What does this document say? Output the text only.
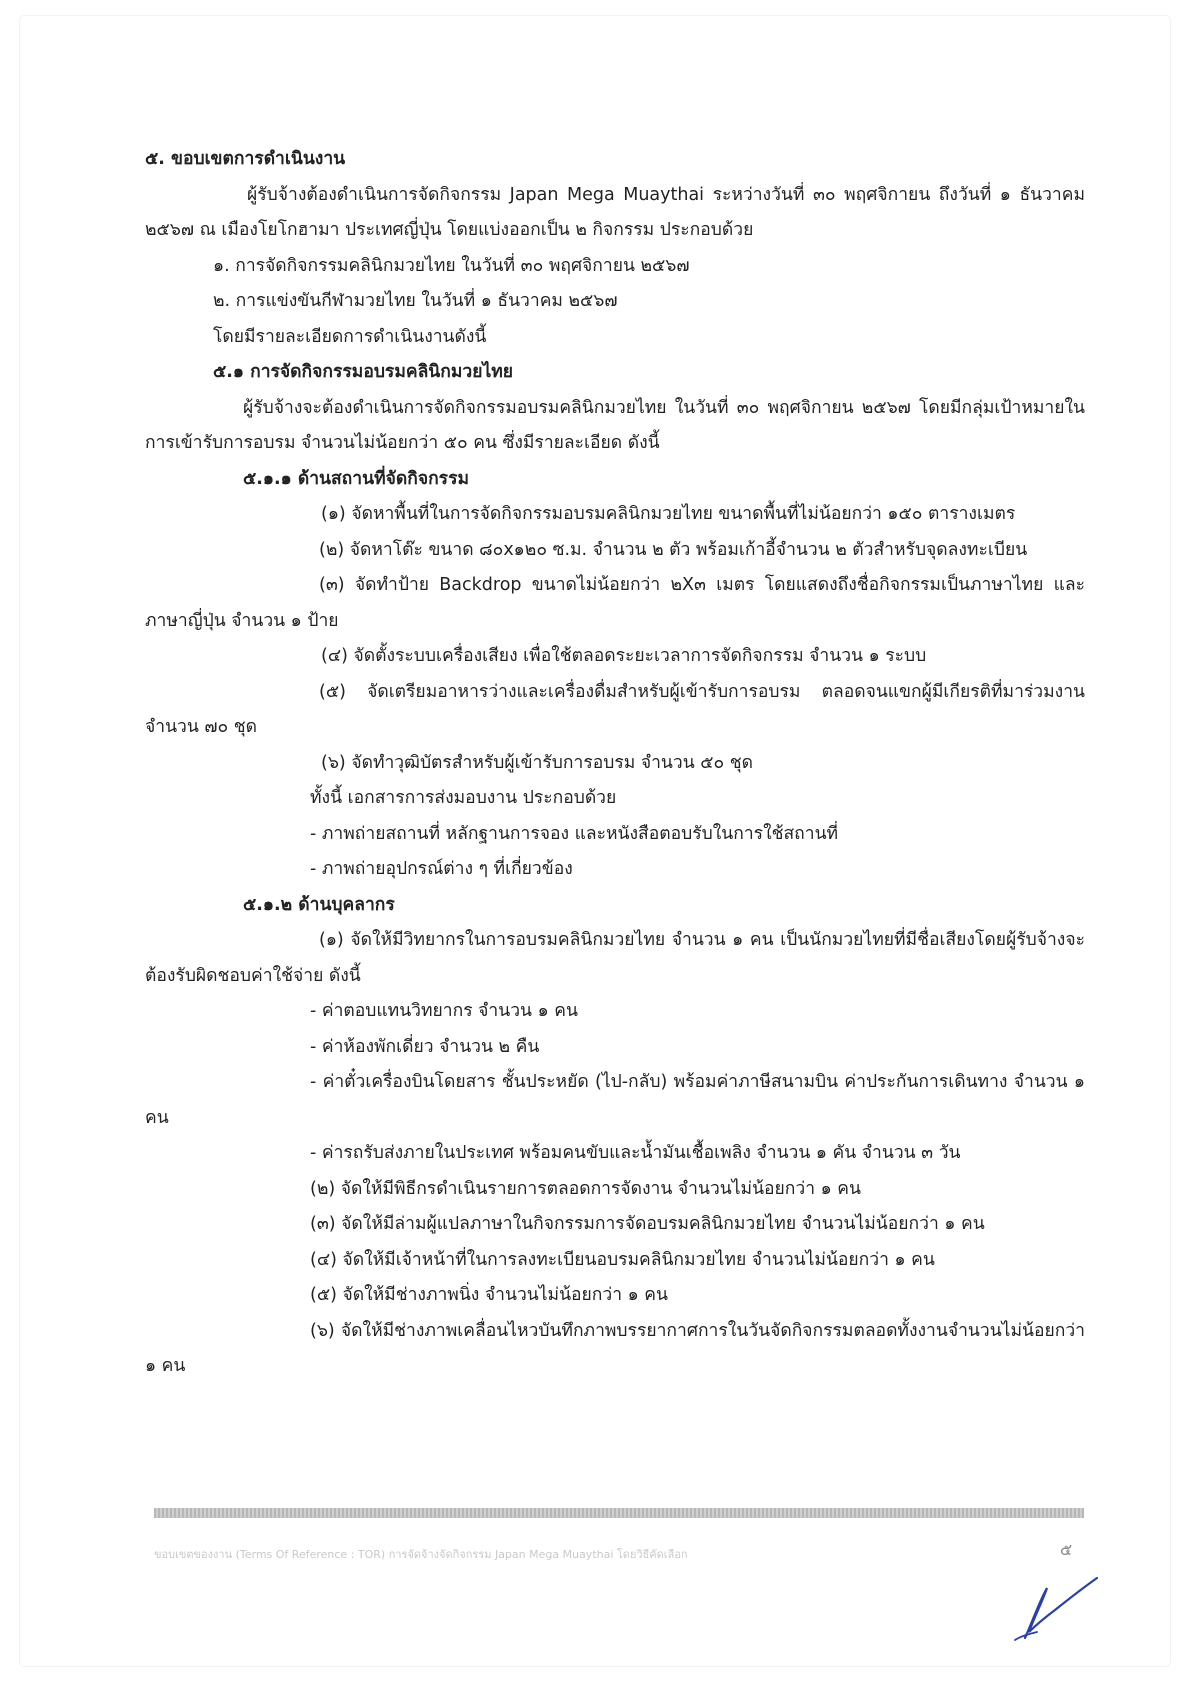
๕. ขอบเขตการดำเนินงาน
ผู้รับจ้างต้องดำเนินการจัดกิจกรรม Japan Mega Muaythai ระหว่างวันที่ ๓๐ พฤศจิกายน ถึงวันที่ ๑ ธันวาคม ๒๕๖๗ ณ เมืองโยโกฮามา ประเทศญี่ปุ่น โดยแบ่งออกเป็น ๒ กิจกรรม ประกอบด้วย
๑. การจัดกิจกรรมคลินิกมวยไทย ในวันที่ ๓๐ พฤศจิกายน ๒๕๖๗
๒. การแข่งขันกีฬามวยไทย ในวันที่ ๑ ธันวาคม ๒๕๖๗
โดยมีรายละเอียดการดำเนินงานดังนี้
๕.๑ การจัดกิจกรรมอบรมคลินิกมวยไทย
ผู้รับจ้างจะต้องดำเนินการจัดกิจกรรมอบรมคลินิกมวยไทย ในวันที่ ๓๐ พฤศจิกายน ๒๕๖๗ โดยมีกลุ่มเป้าหมายในการเข้ารับการอบรม จำนวนไม่น้อยกว่า ๕๐ คน ซึ่งมีรายละเอียด ดังนี้
๕.๑.๑ ด้านสถานที่จัดกิจกรรม
(๑) จัดหาพื้นที่ในการจัดกิจกรรมอบรมคลินิกมวยไทย ขนาดพื้นที่ไม่น้อยกว่า ๑๕๐ ตารางเมตร
(๒) จัดหาโต๊ะ ขนาด ๘๐x๑๒๐ ซ.ม. จำนวน ๒ ตัว พร้อมเก้าอี้จำนวน ๒ ตัวสำหรับจุดลงทะเบียน
(๓) จัดทำป้าย Backdrop ขนาดไม่น้อยกว่า ๒X๓ เมตร โดยแสดงถึงชื่อกิจกรรมเป็นภาษาไทย และภาษาญี่ปุ่น จำนวน ๑ ป้าย
(๔) จัดตั้งระบบเครื่องเสียง เพื่อใช้ตลอดระยะเวลาการจัดกิจกรรม จำนวน ๑ ระบบ
(๕) จัดเตรียมอาหารว่างและเครื่องดื่มสำหรับผู้เข้ารับการอบรม ตลอดจนแขกผู้มีเกียรติที่มาร่วมงาน จำนวน ๗๐ ชุด
(๖) จัดทำวุฒิบัตรสำหรับผู้เข้ารับการอบรม จำนวน ๕๐ ชุด
ทั้งนี้ เอกสารการส่งมอบงาน ประกอบด้วย
- ภาพถ่ายสถานที่ หลักฐานการจอง และหนังสือตอบรับในการใช้สถานที่
- ภาพถ่ายอุปกรณ์ต่าง ๆ ที่เกี่ยวข้อง
๕.๑.๒ ด้านบุคลากร
(๑) จัดให้มีวิทยากรในการอบรมคลินิกมวยไทย จำนวน ๑ คน เป็นนักมวยไทยที่มีชื่อเสียงโดยผู้รับจ้างจะต้องรับผิดชอบค่าใช้จ่าย ดังนี้
- ค่าตอบแทนวิทยากร จำนวน ๑ คน
- ค่าห้องพักเดี่ยว จำนวน ๒ คืน
- ค่าตั๋วเครื่องบินโดยสาร ชั้นประหยัด (ไป-กลับ) พร้อมค่าภาษีสนามบิน ค่าประกันการเดินทาง จำนวน ๑ คน
- ค่ารถรับส่งภายในประเทศ พร้อมคนขับและน้ำมันเชื้อเพลิง จำนวน ๑ คัน จำนวน ๓ วัน
(๒) จัดให้มีพิธีกรดำเนินรายการตลอดการจัดงาน จำนวนไม่น้อยกว่า ๑ คน
(๓) จัดให้มีล่ามผู้แปลภาษาในกิจกรรมการจัดอบรมคลินิกมวยไทย จำนวนไม่น้อยกว่า ๑ คน
(๔) จัดให้มีเจ้าหน้าที่ในการลงทะเบียนอบรมคลินิกมวยไทย จำนวนไม่น้อยกว่า ๑ คน
(๕) จัดให้มีช่างภาพนิ่ง จำนวนไม่น้อยกว่า ๑ คน
(๖) จัดให้มีช่างภาพเคลื่อนไหวบันทึกภาพบรรยากาศการในวันจัดกิจกรรมตลอดทั้งงานจำนวนไม่น้อยกว่า ๑ คน
ขอบเขตของงาน (Terms Of Reference : TOR) การจัดจ้างจัดกิจกรรม Japan Mega Muaythai โดยวิธีคัดเลือก	๕
